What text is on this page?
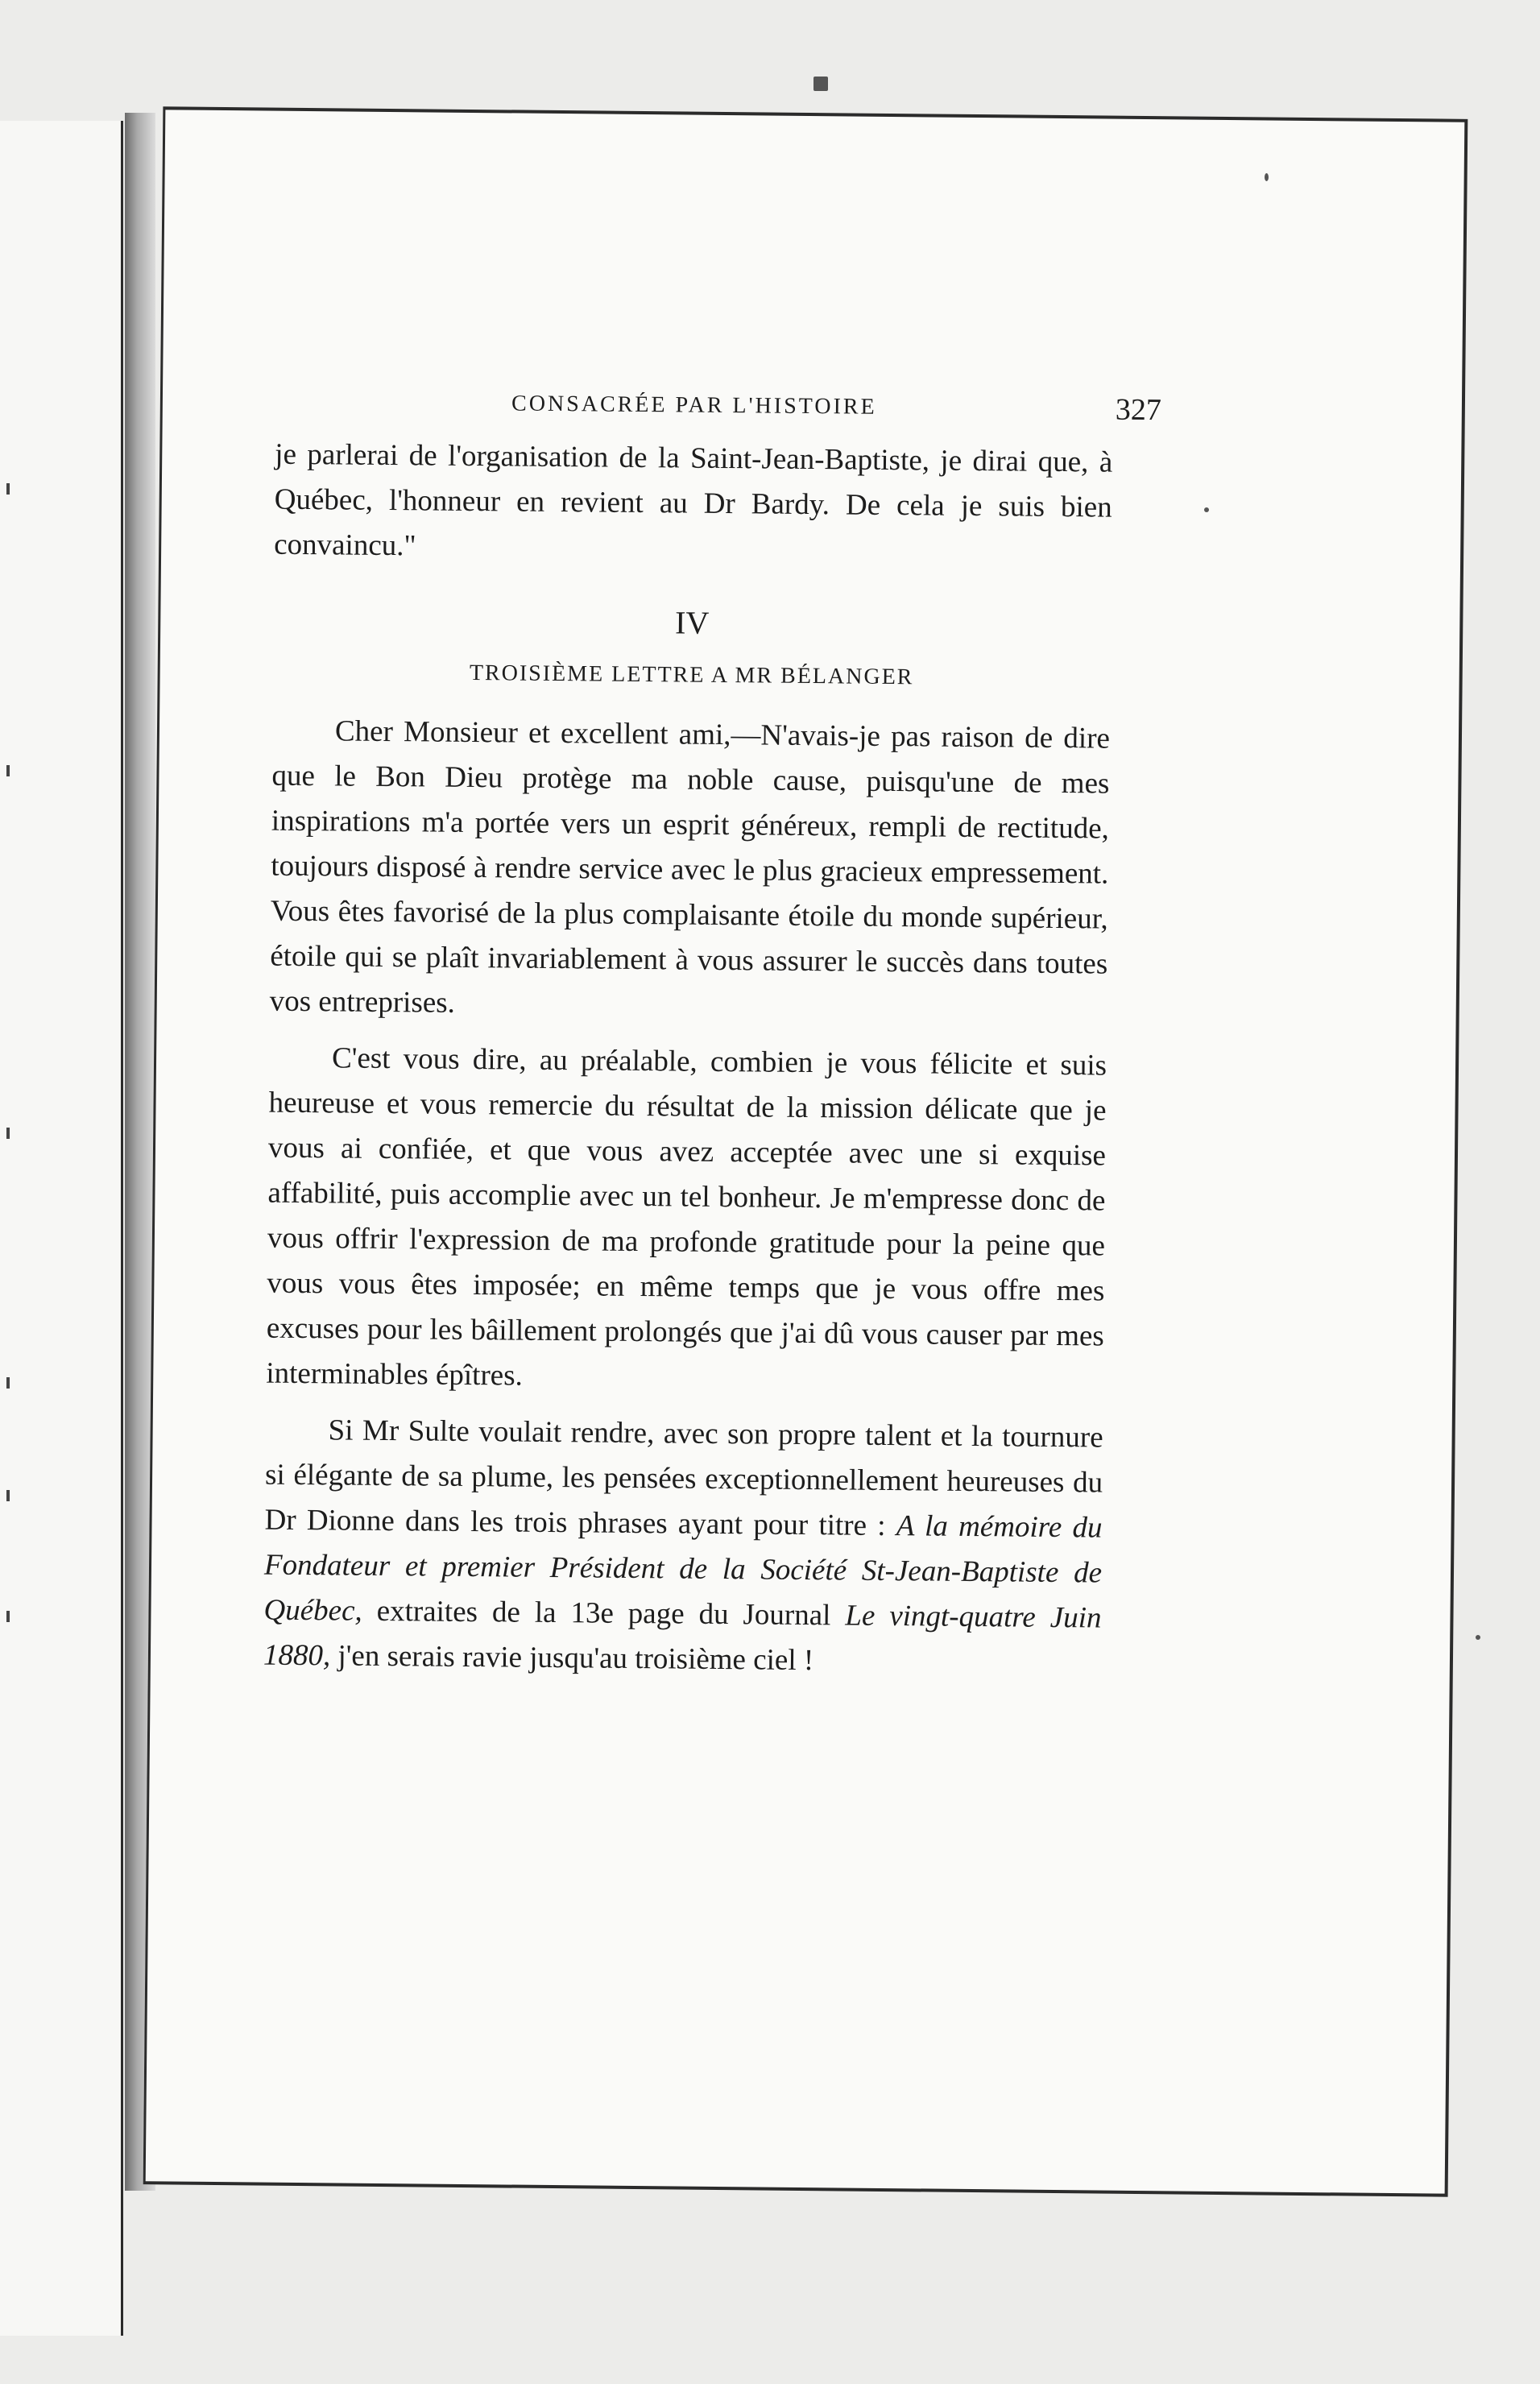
CONSACRÉE PAR L'HISTOIRE	327

je parlerai de l'organisation de la Saint-Jean-Baptiste, je dirai que, à Québec, l'honneur en revient au Dr Bardy. De cela je suis bien convaincu."

IV
TROISIÈME LETTRE A MR BÉLANGER

Cher Monsieur et excellent ami,—N'avais-je pas raison de dire que le Bon Dieu protège ma noble cause, puisqu'une de mes inspirations m'a portée vers un esprit généreux, rempli de rectitude, toujours disposé à rendre service avec le plus gracieux empressement. Vous êtes favorisé de la plus complaisante étoile du monde supérieur, étoile qui se plaît invariablement à vous assurer le succès dans toutes vos entreprises.

C'est vous dire, au préalable, combien je vous félicite et suis heureuse et vous remercie du résultat de la mission délicate que je vous ai confiée, et que vous avez acceptée avec une si exquise affabilité, puis accomplie avec un tel bonheur. Je m'empresse donc de vous offrir l'expression de ma profonde gratitude pour la peine que vous vous êtes imposée; en même temps que je vous offre mes excuses pour les bâillement prolongés que j'ai dû vous causer par mes interminables épîtres.

Si Mr Sulte voulait rendre, avec son propre talent et la tournure si élégante de sa plume, les pensées exceptionnellement heureuses du Dr Dionne dans les trois phrases ayant pour titre : A la mémoire du Fondateur et premier Président de la Société St-Jean-Baptiste de Québec, extraites de la 13e page du Journal Le vingt-quatre Juin 1880, j'en serais ravie jusqu'au troisième ciel !
